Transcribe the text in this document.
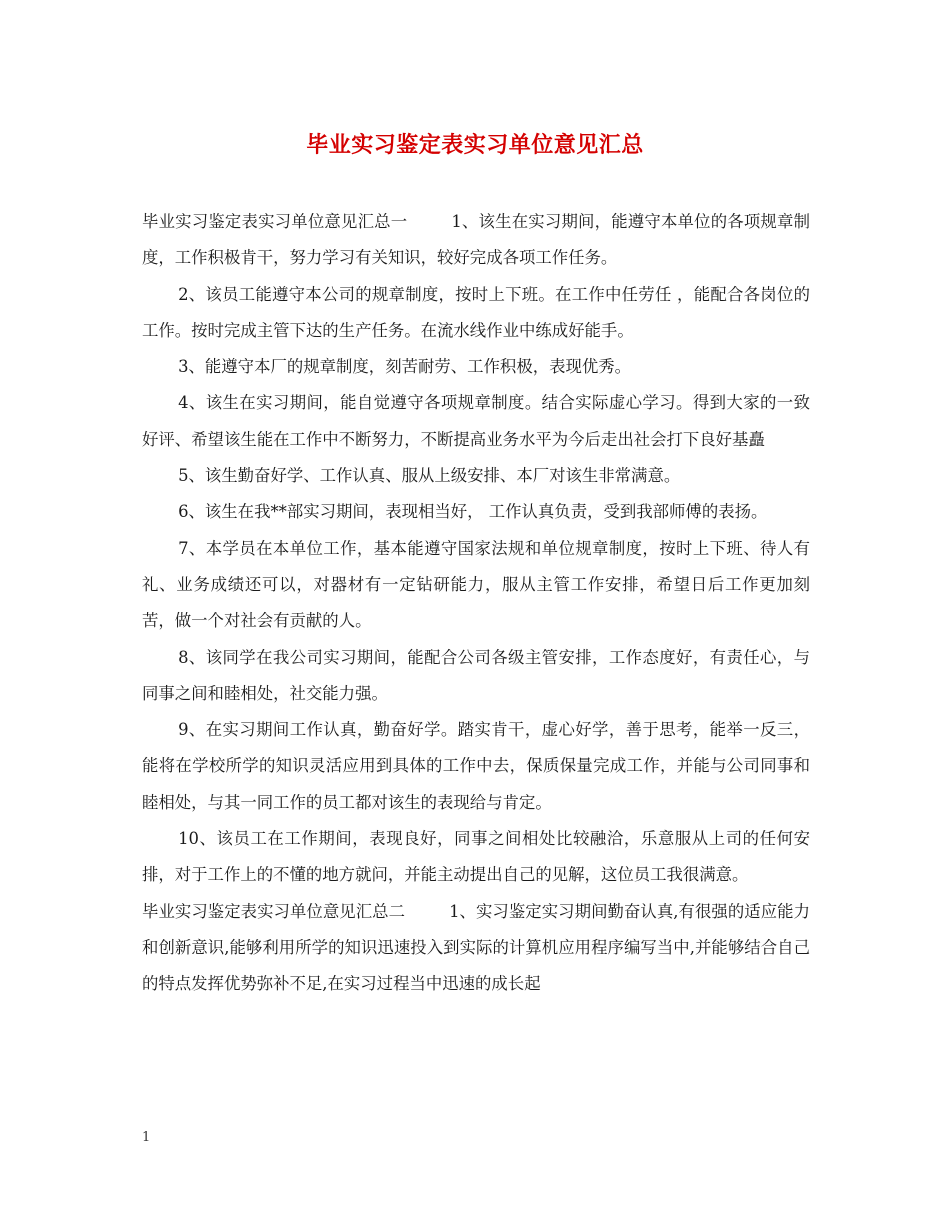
毕业实习鉴定表实习单位意见汇总

毕业实习鉴定表实习单位意见汇总一	1、该生在实习期间，能遵守本单位的各项规章制度，工作积极肯干，努力学习有关知识，较好完成各项工作任务。

2、该员工能遵守本公司的规章制度，按时上下班。在工作中任劳任 ，能配合各岗位的工作。按时完成主管下达的生产任务。在流水线作业中练成好能手。

3、能遵守本厂的规章制度，刻苦耐劳、工作积极，表现优秀。

4、该生在实习期间，能自觉遵守各项规章制度。结合实际虚心学习。得到大家的一致好评、希望该生能在工作中不断努力，不断提高业务水平为今后走出社会打下良好基矗

5、该生勤奋好学、工作认真、服从上级安排、本厂对该生非常满意。

6、该生在我**部实习期间，表现相当好， 工作认真负责，受到我部师傅的表扬。

7、本学员在本单位工作，基本能遵守国家法规和单位规章制度，按时上下班、待人有礼、业务成绩还可以，对器材有一定钻研能力，服从主管工作安排，希望日后工作更加刻苦，做一个对社会有贡献的人。

8、该同学在我公司实习期间，能配合公司各级主管安排，工作态度好，有责任心，与同事之间和睦相处，社交能力强。

9、在实习期间工作认真，勤奋好学。踏实肯干，虚心好学，善于思考，能举一反三，能将在学校所学的知识灵活应用到具体的工作中去，保质保量完成工作，并能与公司同事和睦相处，与其一同工作的员工都对该生的表现给与肯定。

10、该员工在工作期间，表现良好，同事之间相处比较融洽，乐意服从上司的任何安排，对于工作上的不懂的地方就问，并能主动提出自己的见解，这位员工我很满意。

毕业实习鉴定表实习单位意见汇总二	1、实习鉴定实习期间勤奋认真,有很强的适应能力和创新意识,能够利用所学的知识迅速投入到实际的计算机应用程序编写当中,并能够结合自己的特点发挥优势弥补不足,在实习过程当中迅速的成长起

1
